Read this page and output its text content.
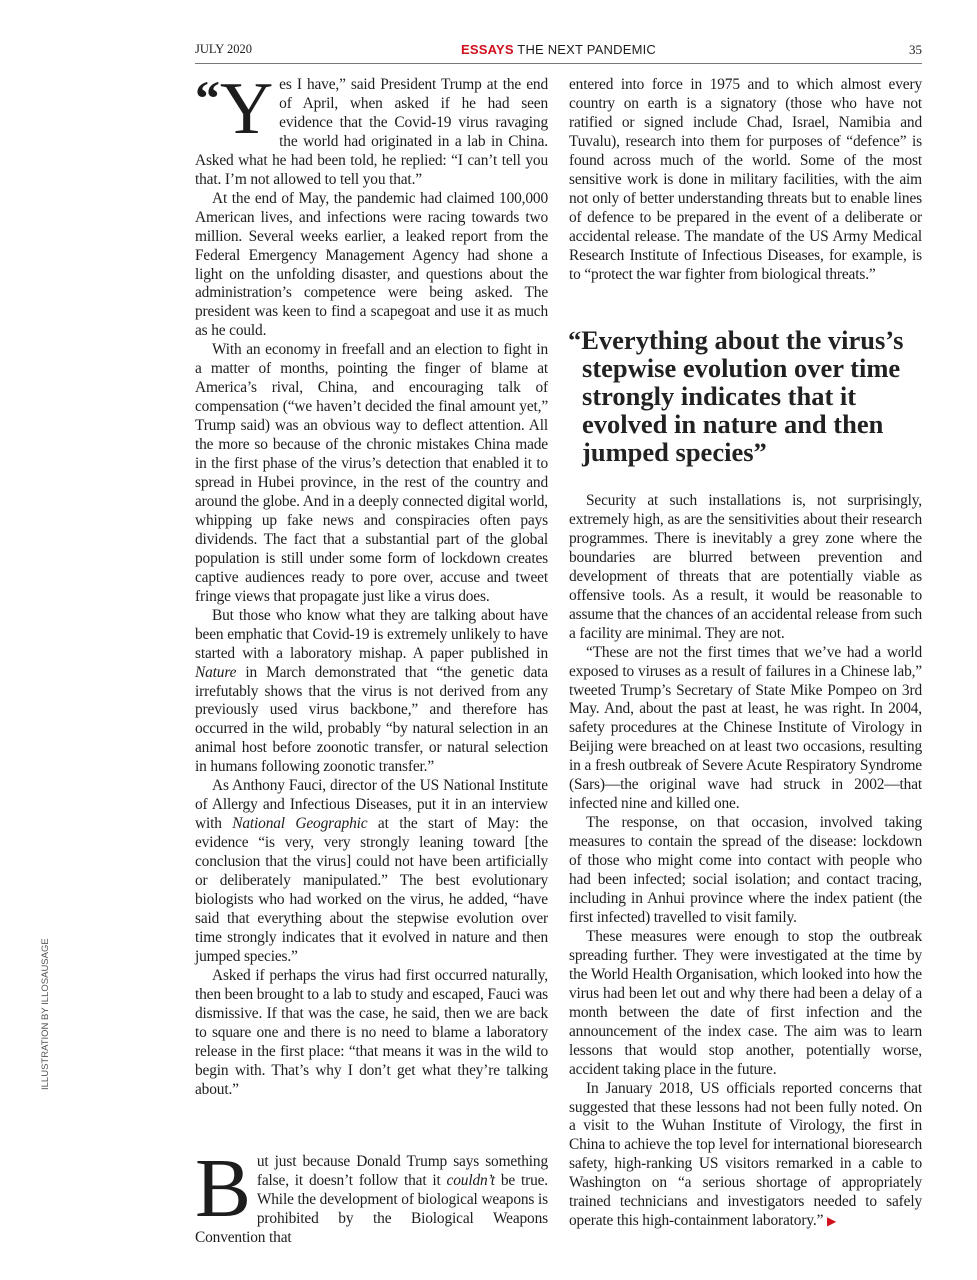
JULY 2020	ESSAYS THE NEXT PANDEMIC	35
ILLUSTRATION BY ILLOSAUSAGE

“ Y es I have,” said President Trump at the end of April, when asked if he had seen evidence that the Covid-19 virus ravaging the world had originated in a lab in China. Asked what he had been told, he replied: “I can’t tell you that. I’m not allowed to tell you that.”

At the end of May, the pandemic had claimed 100,000 American lives, and infections were racing towards two million. Several weeks earlier, a leaked report from the Federal Emergency Management Agency had shone a light on the unfolding disaster, and questions about the administration’s competence were being asked. The president was keen to find a scapegoat and use it as much as he could.

With an economy in freefall and an election to fight in a matter of months, pointing the finger of blame at America’s rival, China, and encouraging talk of compensation (“we haven’t decided the final amount yet,” Trump said) was an obvious way to deflect attention. All the more so because of the chronic mistakes China made in the first phase of the virus’s detection that enabled it to spread in Hubei province, in the rest of the country and around the globe. And in a deeply connected digital world, whipping up fake news and conspiracies often pays dividends. The fact that a substantial part of the global population is still under some form of lockdown creates captive audiences ready to pore over, accuse and tweet fringe views that propagate just like a virus does.

But those who know what they are talking about have been emphatic that Covid-19 is extremely unlikely to have started with a laboratory mishap. A paper published in Nature in March demonstrated that “the genetic data irrefutably shows that the virus is not derived from any previously used virus backbone,” and therefore has occurred in the wild, probably “by natural selection in an animal host before zoonotic transfer, or natural selection in humans following zoonotic transfer.”

As Anthony Fauci, director of the US National Institute of Allergy and Infectious Diseases, put it in an interview with National Geographic at the start of May: the evidence “is very, very strongly leaning toward [the conclusion that the virus] could not have been artificially or deliberately manipulated.” The best evolutionary biologists who had worked on the virus, he added, “have said that everything about the stepwise evolution over time strongly indicates that it evolved in nature and then jumped species.”

Asked if perhaps the virus had first occurred naturally, then been brought to a lab to study and escaped, Fauci was dismissive. If that was the case, he said, then we are back to square one and there is no need to blame a laboratory release in the first place: “that means it was in the wild to begin with. That’s why I don’t get what they’re talking about.”

But just because Donald Trump says something false, it doesn’t follow that it couldn’t be true. While the development of biological weapons is prohibited by the Biological Weapons Convention that

entered into force in 1975 and to which almost every country on earth is a signatory (those who have not ratified or signed include Chad, Israel, Namibia and Tuvalu), research into them for purposes of “defence” is found across much of the world. Some of the most sensitive work is done in military facilities, with the aim not only of better understanding threats but to enable lines of defence to be prepared in the event of a deliberate or accidental release. The mandate of the US Army Medical Research Institute of Infectious Diseases, for example, is to “protect the war fighter from biological threats.”

“Everything about the virus’s
stepwise evolution over time
strongly indicates that it
evolved in nature and then
jumped species”

Security at such installations is, not surprisingly, extremely high, as are the sensitivities about their research programmes. There is inevitably a grey zone where the boundaries are blurred between prevention and development of threats that are potentially viable as offensive tools. As a result, it would be reasonable to assume that the chances of an accidental release from such a facility are minimal. They are not.

“These are not the first times that we’ve had a world exposed to viruses as a result of failures in a Chinese lab,” tweeted Trump’s Secretary of State Mike Pompeo on 3rd May. And, about the past at least, he was right. In 2004, safety procedures at the Chinese Institute of Virology in Beijing were breached on at least two occasions, resulting in a fresh outbreak of Severe Acute Respiratory Syndrome (Sars)—the original wave had struck in 2002—that infected nine and killed one.

The response, on that occasion, involved taking measures to contain the spread of the disease: lockdown of those who might come into contact with people who had been infected; social isolation; and contact tracing, including in Anhui province where the index patient (the first infected) travelled to visit family.

These measures were enough to stop the outbreak spreading further. They were investigated at the time by the World Health Organisation, which looked into how the virus had been let out and why there had been a delay of a month between the date of first infection and the announcement of the index case. The aim was to learn lessons that would stop another, potentially worse, accident taking place in the future.

In January 2018, US officials reported concerns that suggested that these lessons had not been fully noted. On a visit to the Wuhan Institute of Virology, the first in China to achieve the top level for international bioresearch safety, high-ranking US visitors remarked in a cable to Washington on “a serious shortage of appropriately trained technicians and investigators needed to safely operate this high-containment laboratory.” ▶
